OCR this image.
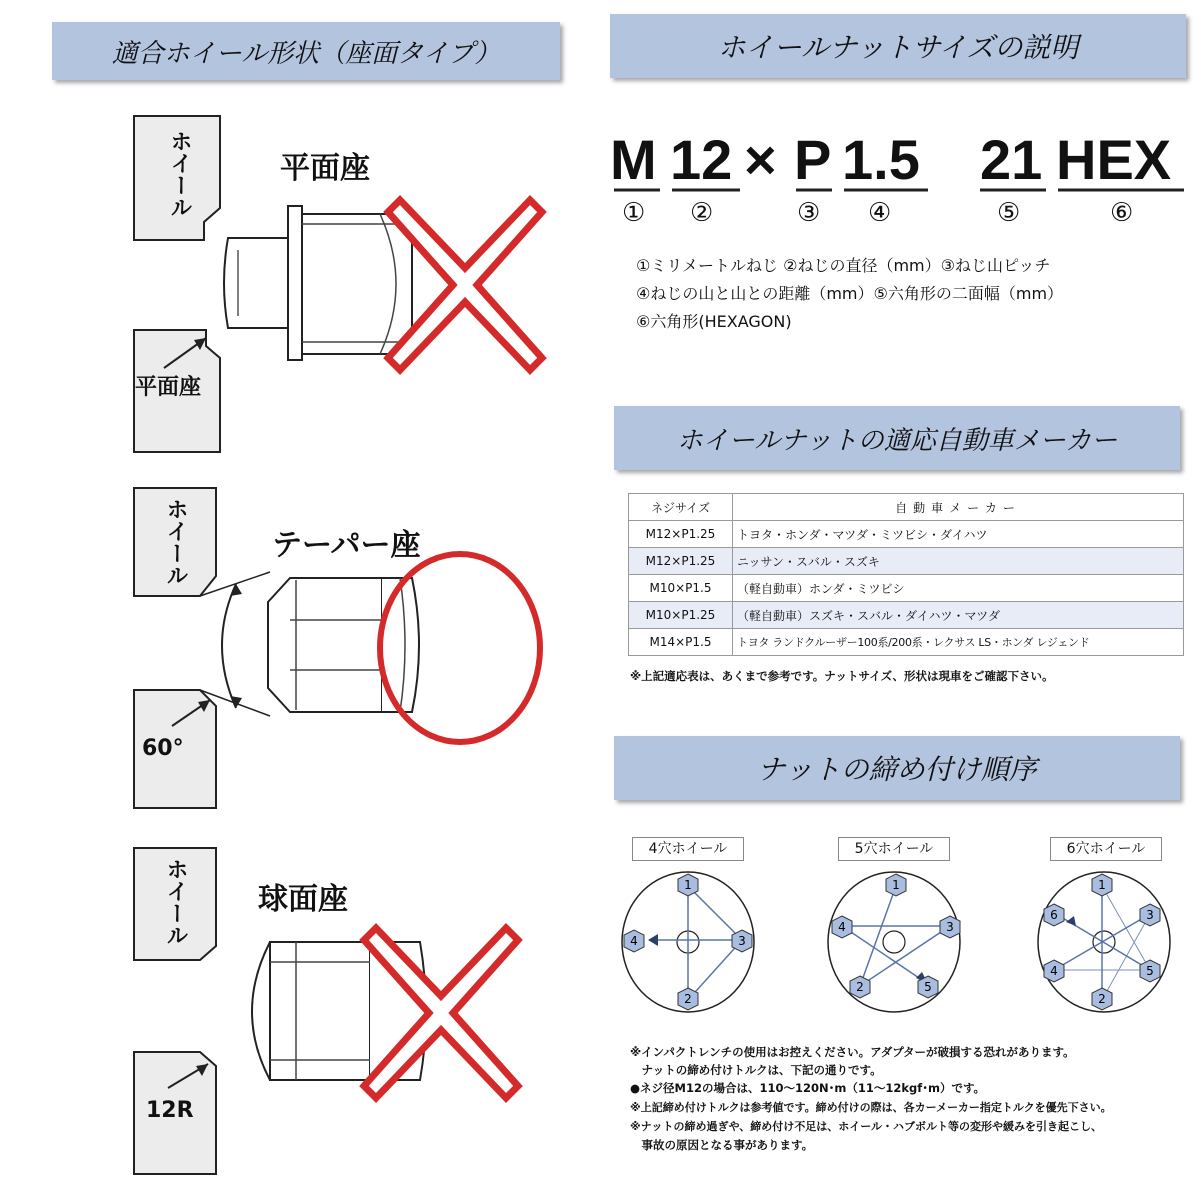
適合ホイール形状（座面タイプ）
ホイール	平面座
平面座
ホイール	テーパー座
60°
ホイール 球面座
12R
ホイールナットサイズの説明
M 12 × P 1.5 21 HEX
① ②	③ ④	⑤	⑥
①ミリメートルねじ ②ねじの直径（mm）③ねじ山ピッチ
④ねじの山と山との距離（mm）⑤六角形の二面幅（mm）
⑥六角形(HEXAGON)
ホイールナットの適応自動車メーカー
ネジサイズ	自動車メーカー
M12×P1.25	トヨタ・ホンダ・マツダ・ミツビシ・ダイハツ
M12×P1.25	ニッサン・スバル・スズキ
M10×P1.5	（軽自動車）ホンダ・ミツビシ
M10×P1.25	（軽自動車）スズキ・スバル・ダイハツ・マツダ
M14×P1.5	トヨタ ランドクルーザー100系/200系・レクサス LS・ホンダ レジェンド
※上記適応表は、あくまで参考です。ナットサイズ、形状は現車をご確認下さい。
ナットの締め付け順序
4穴ホイール	5穴ホイール	6穴ホイール
1
2
3
4
1
2
3
4
5
1
2
3
4	5
6
※インパクトレンチの使用はお控えください。アダプターが破損する恐れがあります。
　ナットの締め付けトルクは、下記の通りです。
●ネジ径M12の場合は、110～120N･m（11～12kgf･m）です。
※上記締め付けトルクは参考値です。締め付けの際は、各カーメーカー指定トルクを優先下さい。
※ナットの締め過ぎや、締め付け不足は、ホイール・ハブボルト等の変形や緩みを引き起こし、
　事故の原因となる事があります。
